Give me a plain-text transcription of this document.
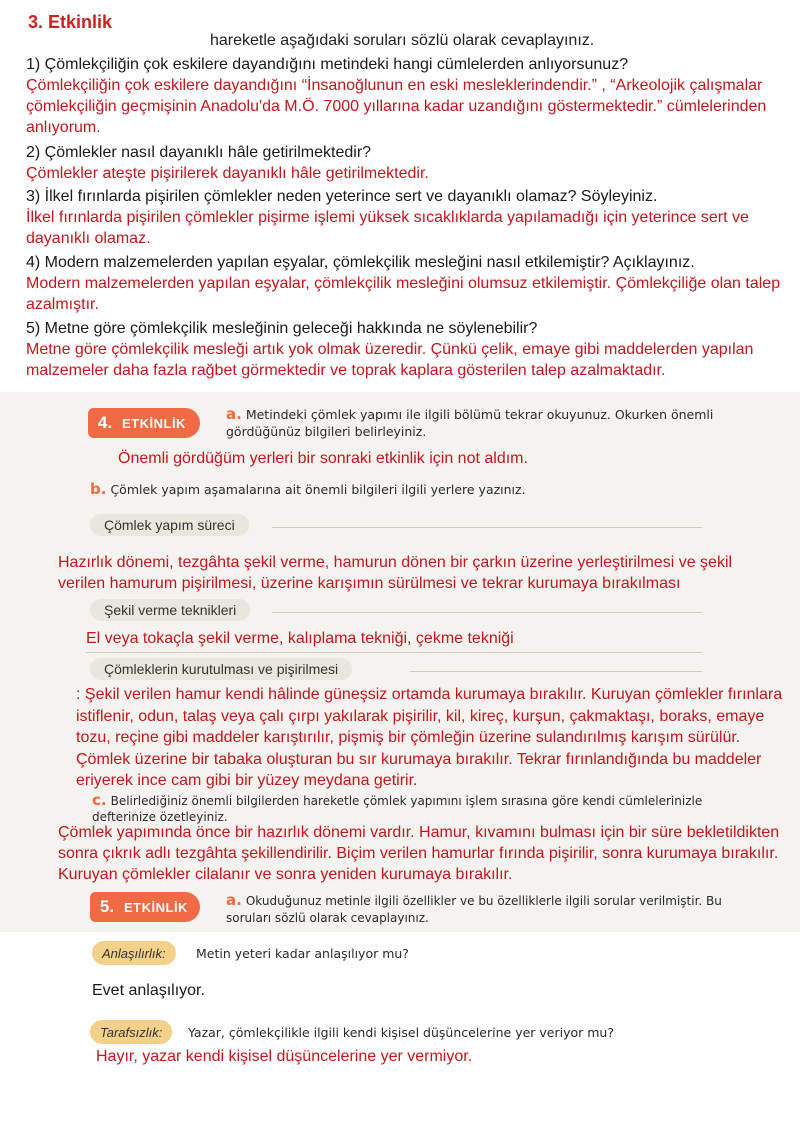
3. Etkinlik
hareketle aşağıdaki soruları sözlü olarak cevaplayınız.
1) Çömlekçiliğin çok eskilere dayandığını metindeki hangi cümlelerden anlıyorsunuz?
Çömlekçiliğin çok eskilere dayandığını “İnsanoğlunun en eski mesleklerindendir.” , “Arkeolojik çalışmalar çömlekçiliğin geçmişinin Anadolu'da M.Ö. 7000 yıllarına kadar uzandığını göstermektedir.” cümlelerinden anlıyorum.
2) Çömlekler nasıl dayanıklı hâle getirilmektedir?
Çömlekler ateşte pişirilerek dayanıklı hâle getirilmektedir.
3) İlkel fırınlarda pişirilen çömlekler neden yeterince sert ve dayanıklı olamaz? Söyleyiniz.
İlkel fırınlarda pişirilen çömlekler pişirme işlemi yüksek sıcaklıklarda yapılamadığı için yeterince sert ve dayanıklı olamaz.
4) Modern malzemelerden yapılan eşyalar, çömlekçilik mesleğini nasıl etkilemiştir? Açıklayınız.
Modern malzemelerden yapılan eşyalar, çömlekçilik mesleğini olumsuz etkilemiştir. Çömlekçiliğe olan talep azalmıştır.
5) Metne göre çömlekçilik mesleğinin geleceği hakkında ne söylenebilir?
Metne göre çömlekçilik mesleği artık yok olmak üzeredir. Çünkü çelik, emaye gibi maddelerden yapılan malzemeler daha fazla rağbet görmektedir ve toprak kaplara gösterilen talep azalmaktadır.
4. ETKİNLİK	a. Metindeki çömlek yapımı ile ilgili bölümü tekrar okuyunuz. Okurken önemli gördüğünüz bilgileri belirleyiniz.
Önemli gördüğüm yerleri bir sonraki etkinlik için not aldım.
b. Çömlek yapım aşamalarına ait önemli bilgileri ilgili yerlere yazınız.
Çömlek yapım süreci
Hazırlık dönemi, tezgâhta şekil verme, hamurun dönen bir çarkın üzerine yerleştirilmesi ve şekil verilen hamurum pişirilmesi, üzerine karışımın sürülmesi ve tekrar kurumaya bırakılması
Şekil verme teknikleri
El veya tokaçla şekil verme, kalıplama tekniği, çekme tekniği
Çömleklerin kurutulması ve pişirilmesi
: Şekil verilen hamur kendi hâlinde güneşsiz ortamda kurumaya bırakılır. Kuruyan çömlekler fırınlara istiflenir, odun, talaş veya çalı çırpı yakılarak pişirilir, kil, kireç, kurşun, çakmaktaşı, boraks, emaye tozu, reçine gibi maddeler karıştırılır, pişmiş bir çömleğin üzerine sulandırılmış karışım sürülür. Çömlek üzerine bir tabaka oluşturan bu sır kurumaya bırakılır. Tekrar fırınlandığında bu maddeler eriyerek ince cam gibi bir yüzey meydana getirir.
c. Belirlediğiniz önemli bilgilerden hareketle çömlek yapımını işlem sırasına göre kendi cümlelerinizle defterinize özetleyiniz.
Çömlek yapımında önce bir hazırlık dönemi vardır. Hamur, kıvamını bulması için bir süre bekletildikten sonra çıkrık adlı tezgâhta şekillendirilir. Biçim verilen hamurlar fırında pişirilir, sonra kurumaya bırakılır. Kuruyan çömlekler cilalanır ve sonra yeniden kurumaya bırakılır.
5. ETKİNLİK	a. Okuduğunuz metinle ilgili özellikler ve bu özelliklerle ilgili sorular verilmiştir. Bu soruları sözlü olarak cevaplayınız.
Anlaşılırlık:	Metin yeteri kadar anlaşılıyor mu?
Evet anlaşılıyor.
Tarafsızlık:	Yazar, çömlekçilikle ilgili kendi kişisel düşüncelerine yer veriyor mu?
Hayır, yazar kendi kişisel düşüncelerine yer vermiyor.
